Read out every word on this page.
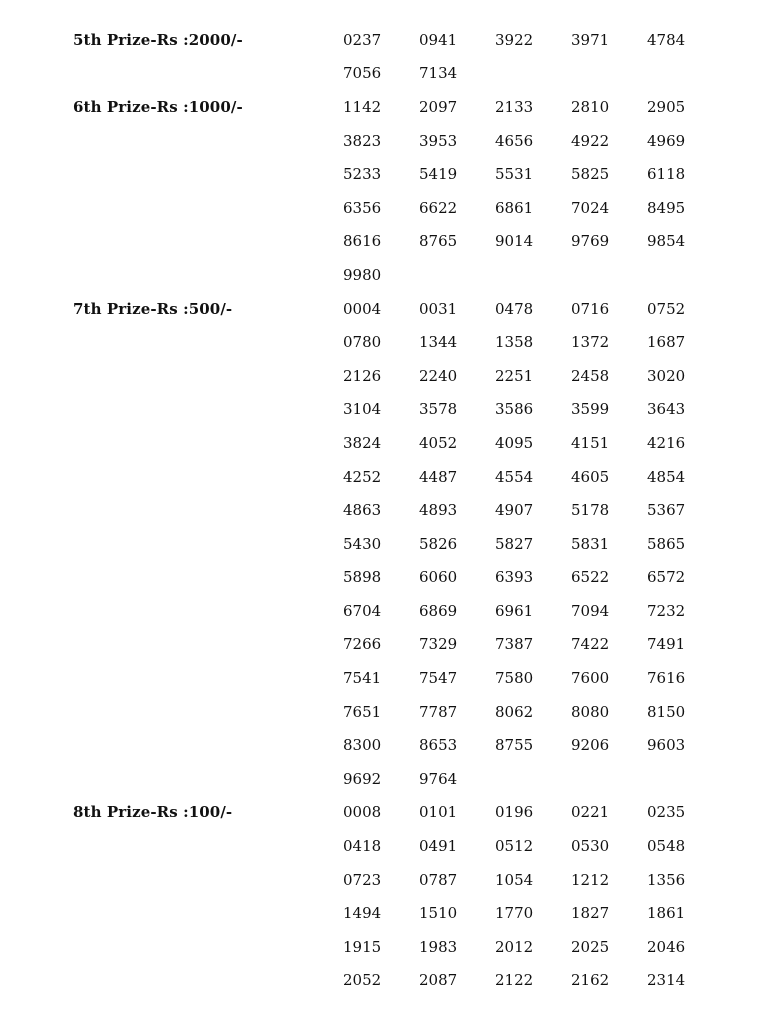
5th Prize-Rs :2000/-	0237	0941	3922	3971	4784
7056	7134
6th Prize-Rs :1000/-	1142	2097	2133	2810	2905
3823	3953	4656	4922	4969
5233	5419	5531	5825	6118
6356	6622	6861	7024	8495
8616	8765	9014	9769	9854
9980
7th Prize-Rs :500/-	0004	0031	0478	0716	0752
0780	1344	1358	1372	1687
2126	2240	2251	2458	3020
3104	3578	3586	3599	3643
3824	4052	4095	4151	4216
4252	4487	4554	4605	4854
4863	4893	4907	5178	5367
5430	5826	5827	5831	5865
5898	6060	6393	6522	6572
6704	6869	6961	7094	7232
7266	7329	7387	7422	7491
7541	7547	7580	7600	7616
7651	7787	8062	8080	8150
8300	8653	8755	9206	9603
9692	9764
8th Prize-Rs :100/-	0008	0101	0196	0221	0235
0418	0491	0512	0530	0548
0723	0787	1054	1212	1356
1494	1510	1770	1827	1861
1915	1983	2012	2025	2046
2052	2087	2122	2162	2314
